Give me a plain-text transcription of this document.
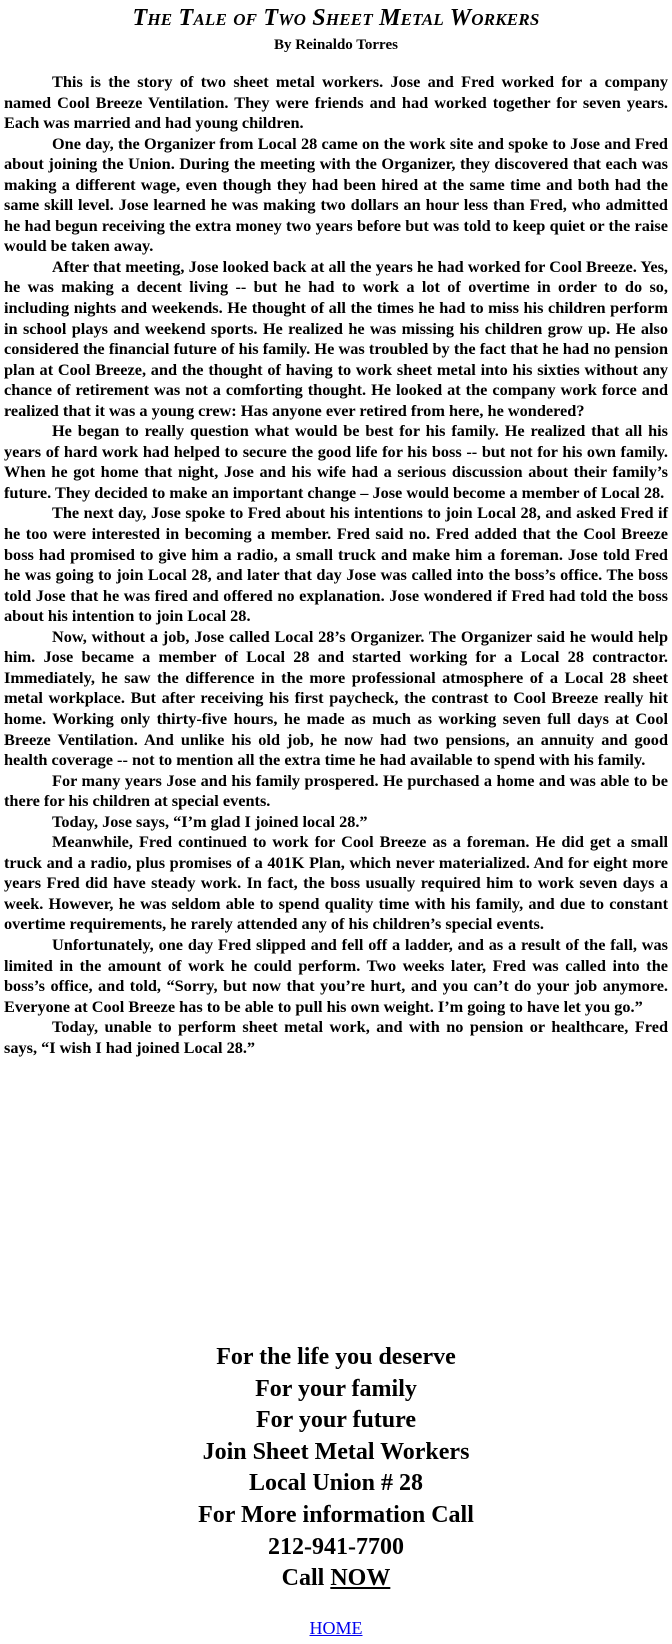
The Tale of Two Sheet Metal Workers
By Reinaldo Torres

This is the story of two sheet metal workers. Jose and Fred worked for a company named Cool Breeze Ventilation. They were friends and had worked together for seven years. Each was married and had young children.

One day, the Organizer from Local 28 came on the work site and spoke to Jose and Fred about joining the Union. During the meeting with the Organizer, they discovered that each was making a different wage, even though they had been hired at the same time and both had the same skill level. Jose learned he was making two dollars an hour less than Fred, who admitted he had begun receiving the extra money two years before but was told to keep quiet or the raise would be taken away.

After that meeting, Jose looked back at all the years he had worked for Cool Breeze. Yes, he was making a decent living -- but he had to work a lot of overtime in order to do so, including nights and weekends. He thought of all the times he had to miss his children perform in school plays and weekend sports. He realized he was missing his children grow up. He also considered the financial future of his family. He was troubled by the fact that he had no pension plan at Cool Breeze, and the thought of having to work sheet metal into his sixties without any chance of retirement was not a comforting thought. He looked at the company work force and realized that it was a young crew: Has anyone ever retired from here, he wondered?

He began to really question what would be best for his family. He realized that all his years of hard work had helped to secure the good life for his boss -- but not for his own family. When he got home that night, Jose and his wife had a serious discussion about their family’s future. They decided to make an important change – Jose would become a member of Local 28.

The next day, Jose spoke to Fred about his intentions to join Local 28, and asked Fred if he too were interested in becoming a member. Fred said no. Fred added that the Cool Breeze boss had promised to give him a radio, a small truck and make him a foreman. Jose told Fred he was going to join Local 28, and later that day Jose was called into the boss’s office. The boss told Jose that he was fired and offered no explanation. Jose wondered if Fred had told the boss about his intention to join Local 28.

Now, without a job, Jose called Local 28’s Organizer. The Organizer said he would help him. Jose became a member of Local 28 and started working for a Local 28 contractor. Immediately, he saw the difference in the more professional atmosphere of a Local 28 sheet metal workplace. But after receiving his first paycheck, the contrast to Cool Breeze really hit home. Working only thirty-five hours, he made as much as working seven full days at Cool Breeze Ventilation. And unlike his old job, he now had two pensions, an annuity and good health coverage -- not to mention all the extra time he had available to spend with his family.

For many years Jose and his family prospered. He purchased a home and was able to be there for his children at special events.

Today, Jose says, “I’m glad I joined local 28.”

Meanwhile, Fred continued to work for Cool Breeze as a foreman. He did get a small truck and a radio, plus promises of a 401K Plan, which never materialized. And for eight more years Fred did have steady work. In fact, the boss usually required him to work seven days a week. However, he was seldom able to spend quality time with his family, and due to constant overtime requirements, he rarely attended any of his children’s special events.

Unfortunately, one day Fred slipped and fell off a ladder, and as a result of the fall, was limited in the amount of work he could perform. Two weeks later, Fred was called into the boss’s office, and told, “Sorry, but now that you’re hurt, and you can’t do your job anymore. Everyone at Cool Breeze has to be able to pull his own weight. I’m going to have let you go.”

Today, unable to perform sheet metal work, and with no pension or healthcare, Fred says, “I wish I had joined Local 28.”

For the life you deserve
For your family
For your future
Join Sheet Metal Workers
Local Union # 28
For More information Call
212-941-7700
Call NOW
HOME
